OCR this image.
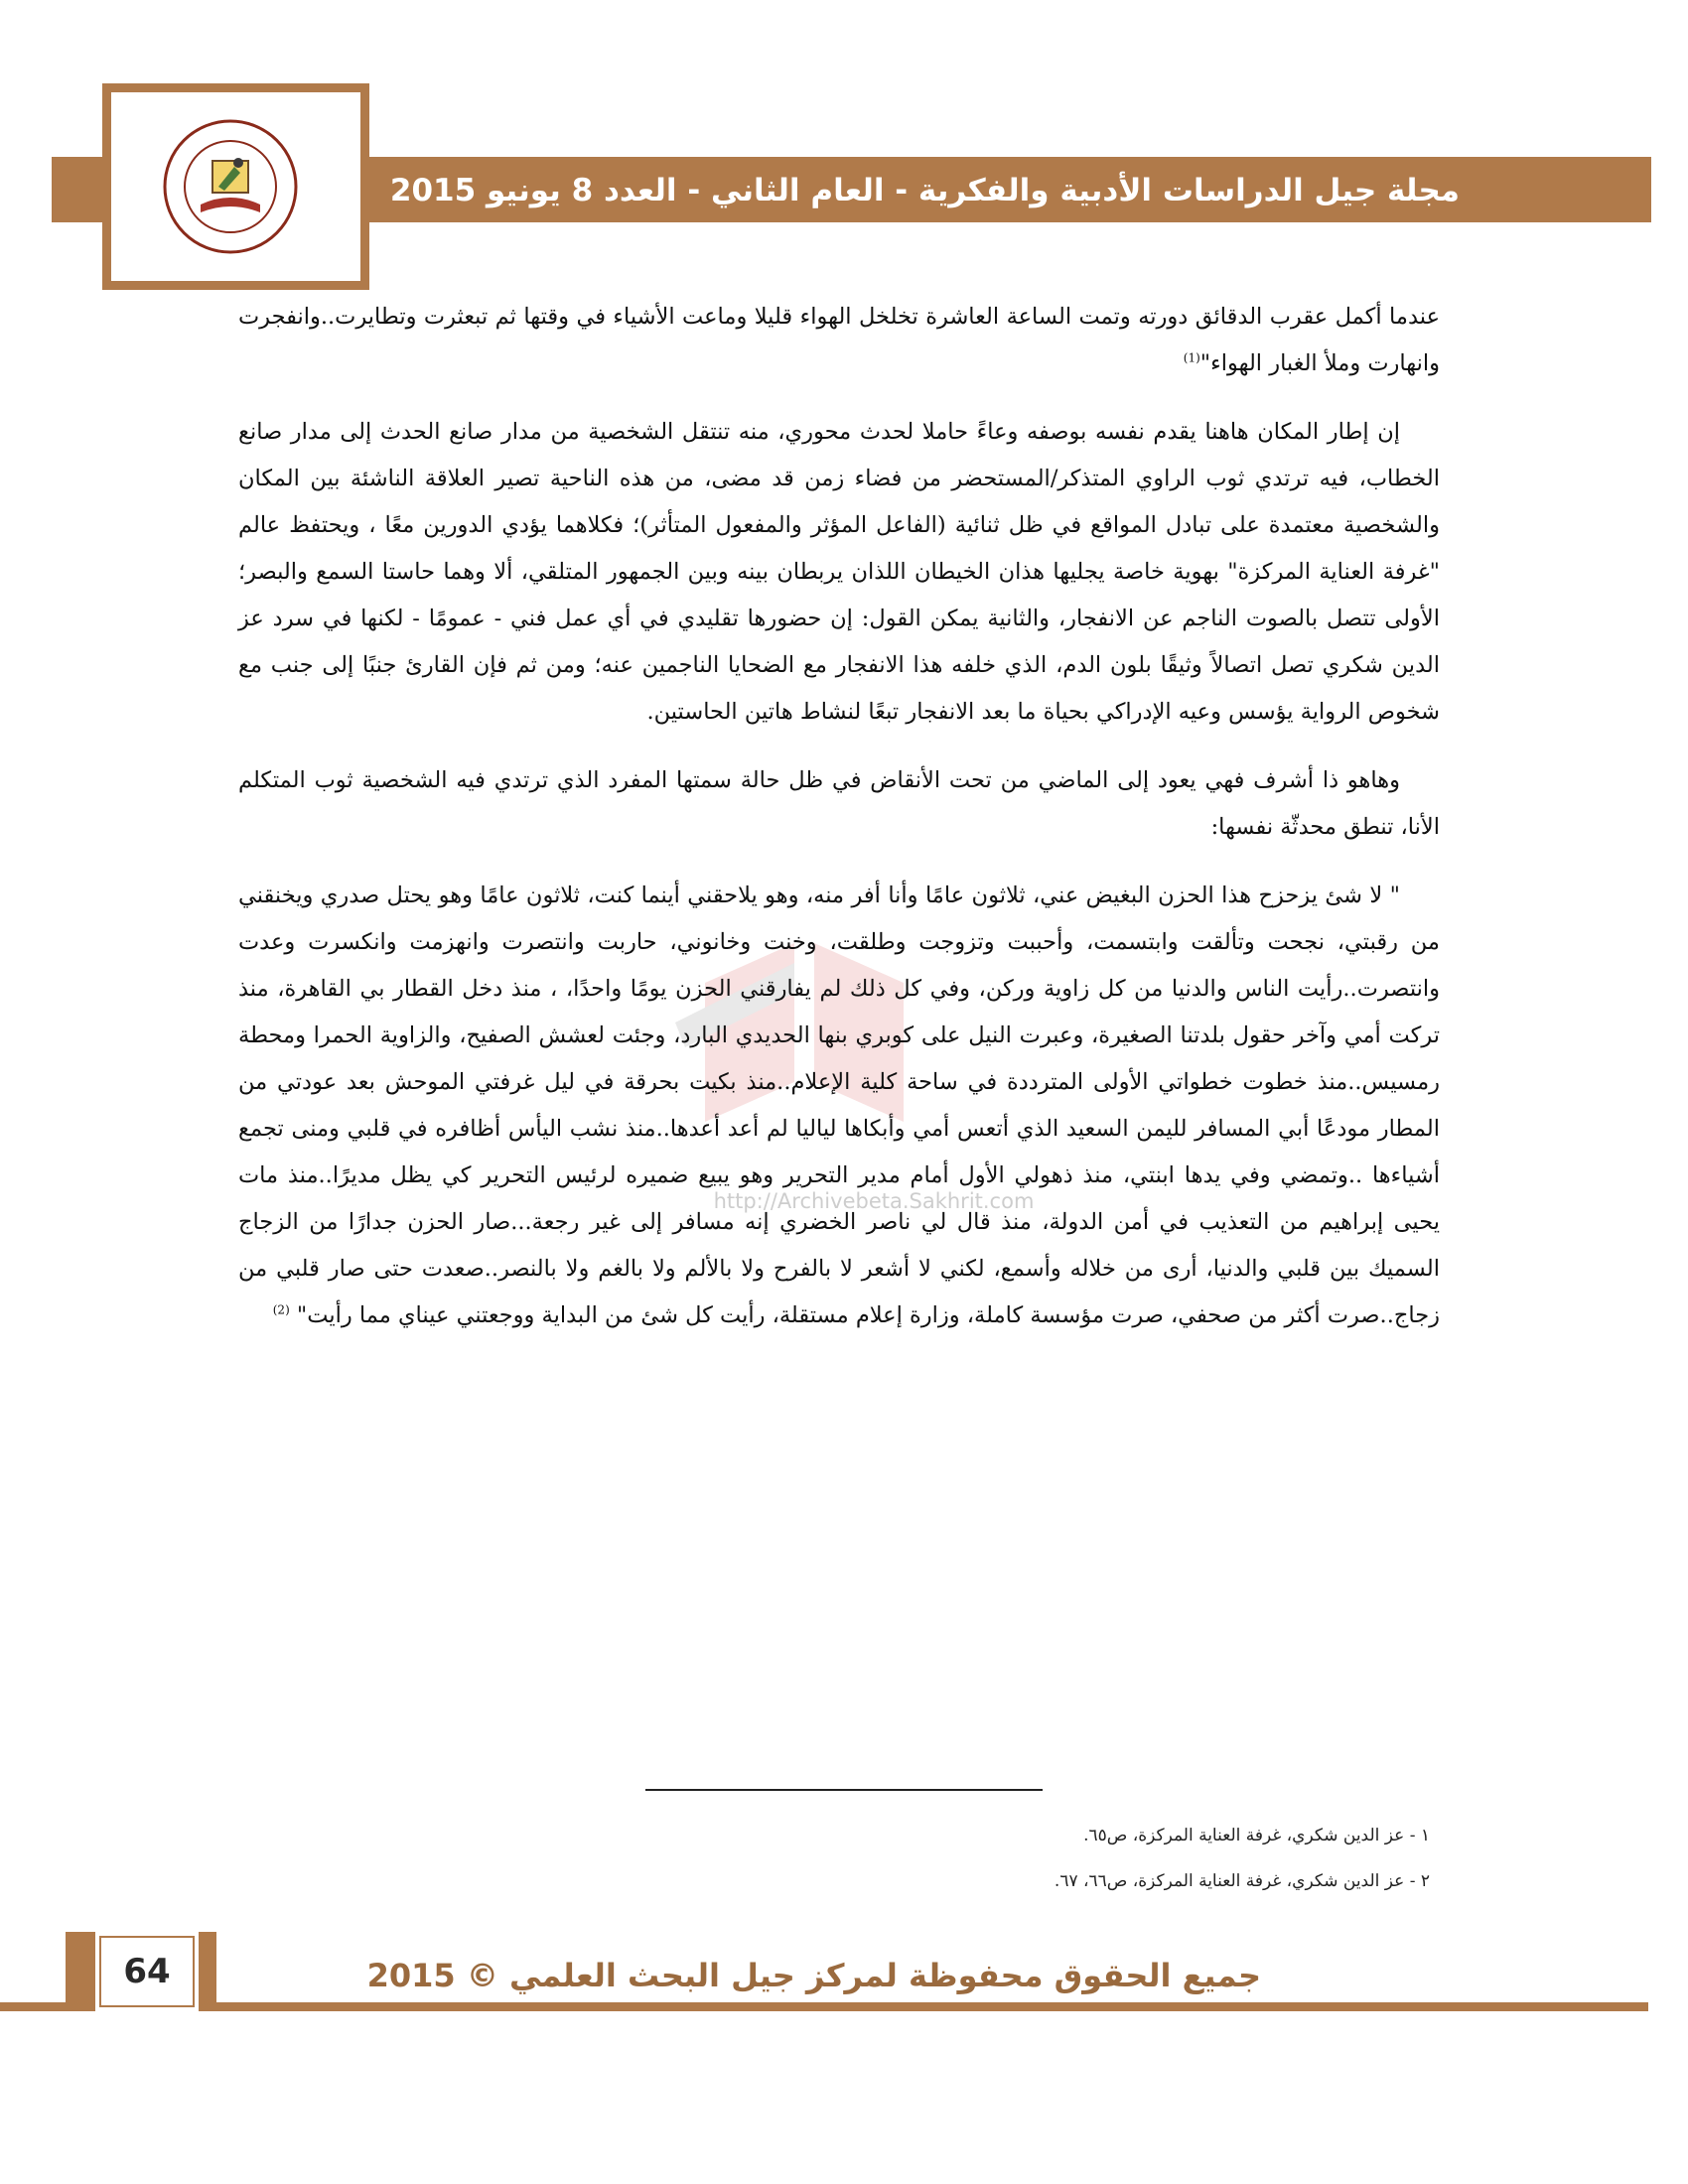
مجلة جيل الدراسات الأدبية والفكرية - العام الثاني - العدد 8 يونيو 2015
http://Archivebeta.Sakhrit.com

عندما أكمل عقرب الدقائق دورته وتمت الساعة العاشرة تخلخل الهواء قليلا وماعت الأشياء في وقتها ثم تبعثرت وتطايرت..وانفجرت وانهارت وملأ الغبار الهواء"$^{(1)}$

إن إطار المكان هاهنا يقدم نفسه بوصفه وعاءً حاملا لحدث محوري، منه تنتقل الشخصية من مدار صانع الحدث إلى مدار صانع الخطاب، فيه ترتدي ثوب الراوي المتذكر/المستحضر من فضاء زمن قد مضى، من هذه الناحية تصير العلاقة الناشئة بين المكان والشخصية معتمدة على تبادل المواقع في ظل ثنائية (الفاعل المؤثر والمفعول المتأثر)؛ فكلاهما يؤدي الدورين معًا ، ويحتفظ عالم "غرفة العناية المركزة" بهوية خاصة يجليها هذان الخيطان اللذان يربطان بينه وبين الجمهور المتلقي، ألا وهما حاستا السمع والبصر؛ الأولى تتصل بالصوت الناجم عن الانفجار، والثانية يمكن القول: إن حضورها تقليدي في أي عمل فني - عمومًا - لكنها في سرد عز الدين شكري تصل اتصالاً وثيقًا بلون الدم، الذي خلفه هذا الانفجار مع الضحايا الناجمين عنه؛ ومن ثم فإن القارئ جنبًا إلى جنب مع شخوص الرواية يؤسس وعيه الإدراكي بحياة ما بعد الانفجار تبعًا لنشاط هاتين الحاستين.

وهاهو ذا أشرف فهي يعود إلى الماضي من تحت الأنقاض في ظل حالة سمتها المفرد الذي ترتدي فيه الشخصية ثوب المتكلم الأنا، تنطق محدثّة نفسها:

" لا شئ يزحزح هذا الحزن البغيض عني، ثلاثون عامًا وأنا أفر منه، وهو يلاحقني أينما كنت، ثلاثون عامًا وهو يحتل صدري ويخنقني من رقبتي، نجحت وتألقت وابتسمت، وأحببت وتزوجت وطلقت، وخنت وخانوني، حاربت وانتصرت وانهزمت وانكسرت وعدت وانتصرت..رأيت الناس والدنيا من كل زاوية وركن، وفي كل ذلك لم يفارقني الحزن يومًا واحدًا، ، منذ دخل القطار بي القاهرة، منذ تركت أمي وآخر حقول بلدتنا الصغيرة، وعبرت النيل على كوبري بنها الحديدي البارد، وجئت لعشش الصفيح، والزاوية الحمرا ومحطة رمسيس..منذ خطوت خطواتي الأولى المترددة في ساحة كلية الإعلام..منذ بكيت بحرقة في ليل غرفتي الموحش بعد عودتي من المطار مودعًا أبي المسافر لليمن السعيد الذي أتعس أمي وأبكاها لياليا لم أعد أعدها..منذ نشب اليأس أظافره في قلبي ومنى تجمع أشياءها ..وتمضي وفي يدها ابنتي، منذ ذهولي الأول أمام مدير التحرير وهو يبيع ضميره لرئيس التحرير كي يظل مديرًا..منذ مات يحيى إبراهيم من التعذيب في أمن الدولة، منذ قال لي ناصر الخضري إنه مسافر إلى غير رجعة...صار الحزن جدارًا من الزجاج السميك بين قلبي والدنيا، أرى من خلاله وأسمع، لكني لا أشعر لا بالفرح ولا بالألم ولا بالغم ولا بالنصر..صعدت حتى صار قلبي من زجاج..صرت أكثر من صحفي، صرت مؤسسة كاملة، وزارة إعلام مستقلة، رأيت كل شئ من البداية ووجعتني عيناي مما رأيت" $^{(2)}$

١ - عز الدين شكري، غرفة العناية المركزة، ص٦٥.
٢ - عز الدين شكري، غرفة العناية المركزة، ص٦٦، ٦٧.
64	جميع الحقوق محفوظة لمركز جيل البحث العلمي © 2015
